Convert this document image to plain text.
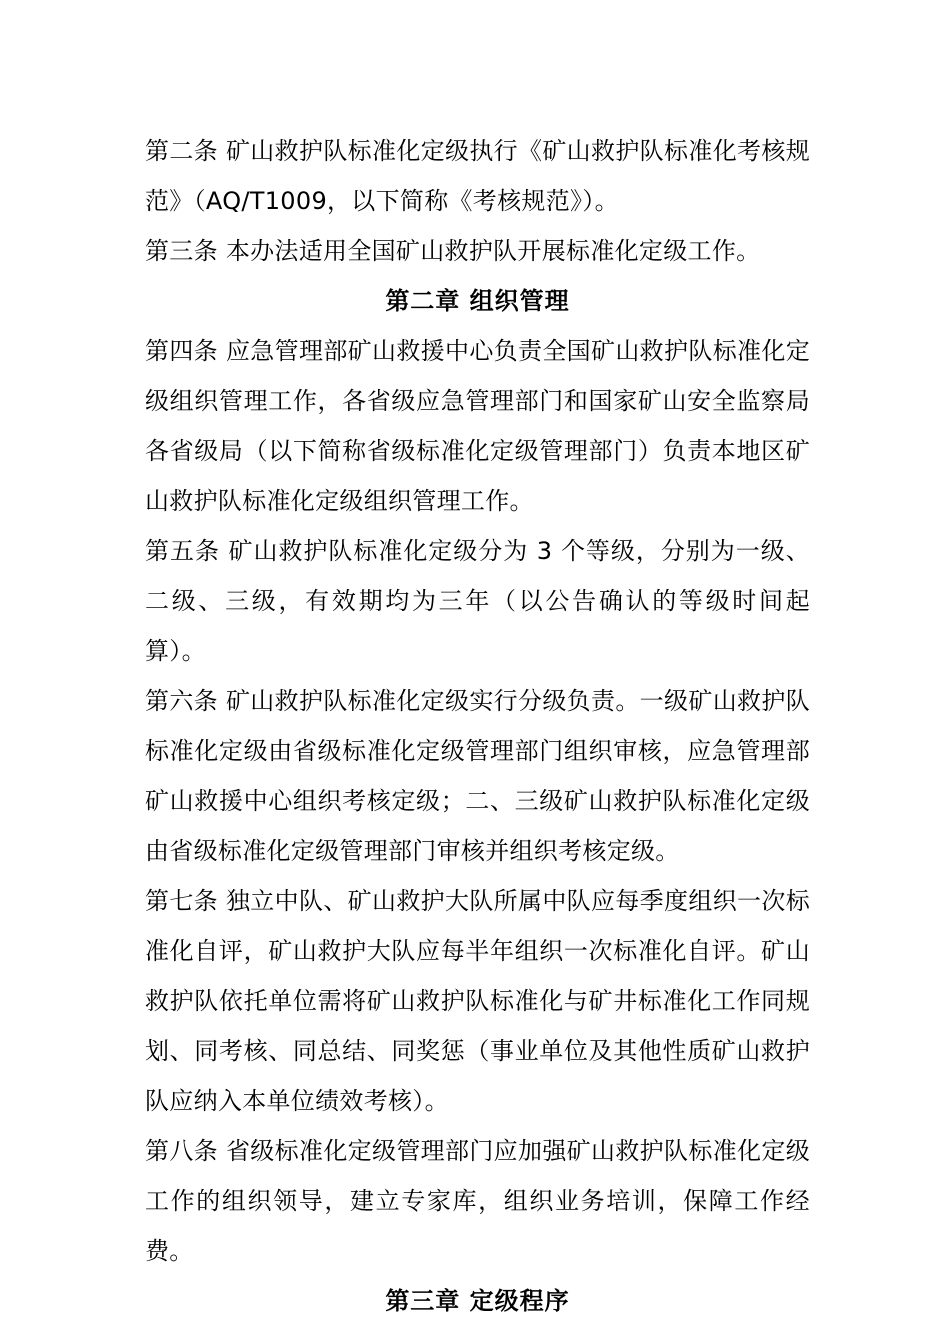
第二条 矿山救护队标准化定级执行《矿山救护队标准化考核规范》（AQ/T1009，以下简称《考核规范》）。

第三条 本办法适用全国矿山救护队开展标准化定级工作。

第二章 组织管理

第四条 应急管理部矿山救援中心负责全国矿山救护队标准化定级组织管理工作，各省级应急管理部门和国家矿山安全监察局各省级局（以下简称省级标准化定级管理部门）负责本地区矿山救护队标准化定级组织管理工作。

第五条 矿山救护队标准化定级分为 3 个等级，分别为一级、二级、三级，有效期均为三年（以公告确认的等级时间起算）。

第六条 矿山救护队标准化定级实行分级负责。一级矿山救护队标准化定级由省级标准化定级管理部门组织审核，应急管理部矿山救援中心组织考核定级；二、三级矿山救护队标准化定级由省级标准化定级管理部门审核并组织考核定级。

第七条 独立中队、矿山救护大队所属中队应每季度组织一次标准化自评，矿山救护大队应每半年组织一次标准化自评。矿山救护队依托单位需将矿山救护队标准化与矿井标准化工作同规划、同考核、同总结、同奖惩（事业单位及其他性质矿山救护队应纳入本单位绩效考核）。

第八条 省级标准化定级管理部门应加强矿山救护队标准化定级工作的组织领导，建立专家库，组织业务培训，保障工作经费。

第三章 定级程序
